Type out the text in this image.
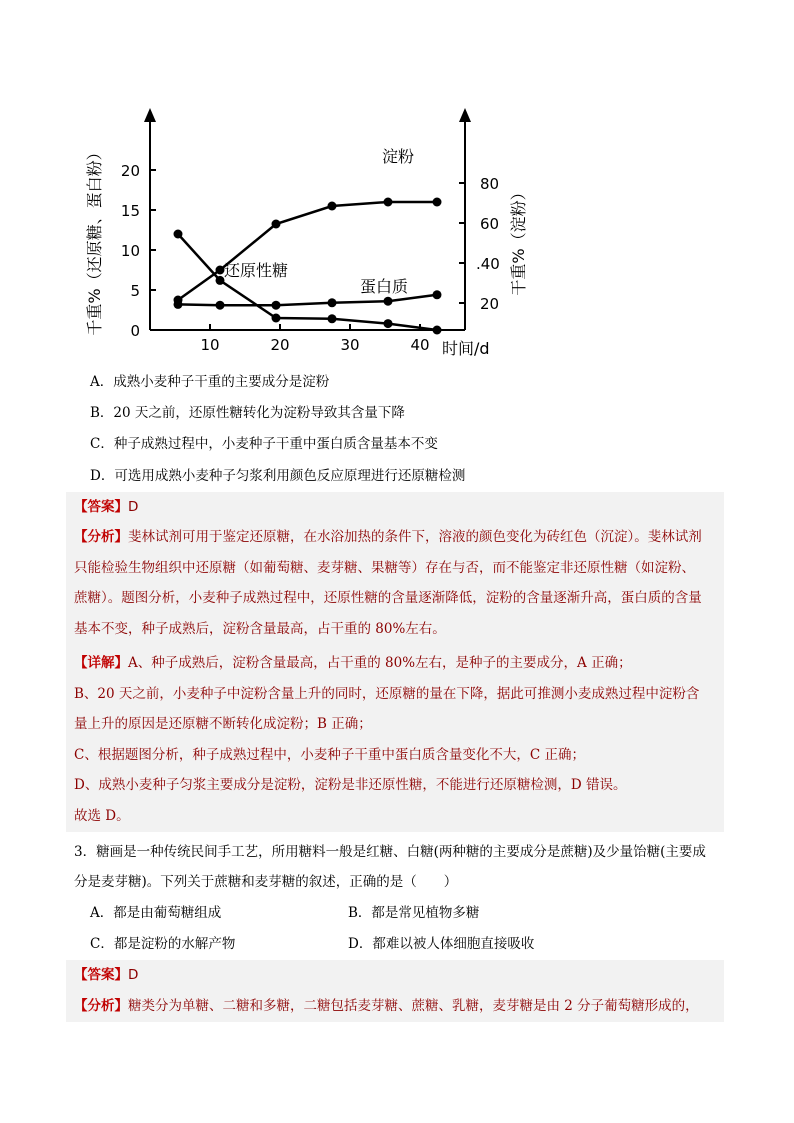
0
5
10
15
20
20
.40
60
80
10	20	30	40 时间/d
千重%（还原糖、蛋白粉）	干重%（淀粉）
淀粉
还原性糖
蛋白质
A．成熟小麦种子干重的主要成分是淀粉
B．20 天之前，还原性糖转化为淀粉导致其含量下降
C．种子成熟过程中，小麦种子干重中蛋白质含量基本不变
D．可选用成熟小麦种子匀浆利用颜色反应原理进行还原糖检测
【答案】D
【分析】斐林试剂可用于鉴定还原糖，在水浴加热的条件下，溶液的颜色变化为砖红色（沉淀）。斐林试剂
只能检验生物组织中还原糖（如葡萄糖、麦芽糖、果糖等）存在与否，而不能鉴定非还原性糖（如淀粉、
蔗糖）。题图分析，小麦种子成熟过程中，还原性糖的含量逐渐降低，淀粉的含量逐渐升高，蛋白质的含量
基本不变，种子成熟后，淀粉含量最高，占干重的 80%左右。
【详解】A、种子成熟后，淀粉含量最高，占干重的 80%左右，是种子的主要成分，A 正确；
B、20 天之前，小麦种子中淀粉含量上升的同时，还原糖的量在下降，据此可推测小麦成熟过程中淀粉含
量上升的原因是还原糖不断转化成淀粉；B 正确；
C、根据题图分析，种子成熟过程中，小麦种子干重中蛋白质含量变化不大，C 正确；
D、成熟小麦种子匀浆主要成分是淀粉，淀粉是非还原性糖，不能进行还原糖检测，D 错误。
故选 D。
3．糖画是一种传统民间手工艺，所用糖料一般是红糖、白糖(两种糖的主要成分是蔗糖)及少量饴糖(主要成
分是麦芽糖)。下列关于蔗糖和麦芽糖的叙述，正确的是（　　）
A．都是由葡萄糖组成	B．都是常见植物多糖
C．都是淀粉的水解产物	D．都难以被人体细胞直接吸收
【答案】D
【分析】糖类分为单糖、二糖和多糖，二糖包括麦芽糖、蔗糖、乳糖，麦芽糖是由 2 分子葡萄糖形成的，
